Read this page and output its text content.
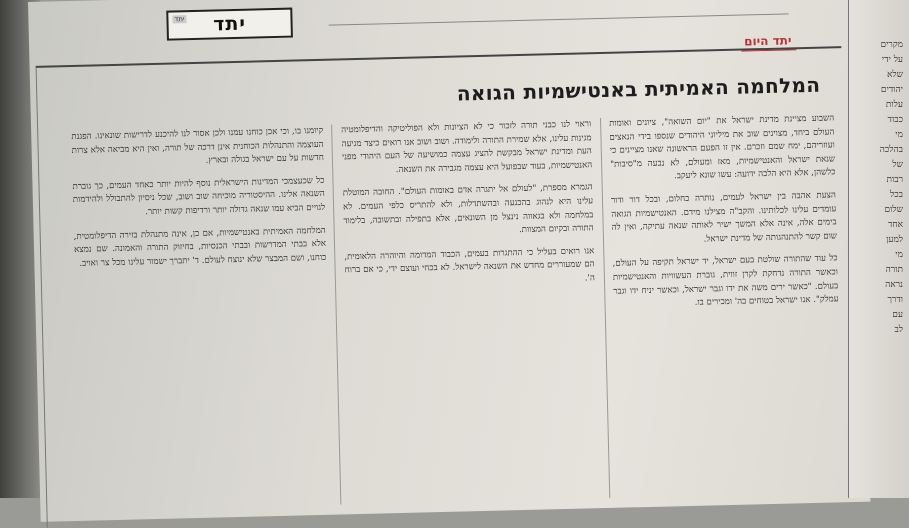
יתד יתד
יתד היום
המלחמה האמיתית באנטישמיות הגואה

השבוע מציינת מדינת ישראל את "יום השואה", ציונים ואומות העולם ביחד, מצוינים שוב את מיליוני היהודים שנספו בידי הנאצים ועוזריהם, ימח שמם וזכרם. אין זו הפעם הראשונה שאנו מציינים כי שנאת ישראל והאנטישמיות, מאז ומעולם, לא נבעה מ"סיבות" כלשהן, אלא היא הלכה ידועה: עשו שונא ליעקב.

הצעת אהבה בין ישראל לעמים, נותרה כחלום, ובכל דור ודור עומדים עלינו לכלותינו. והקב"ה מצילנו מידם. האנטישמיות הגואה בימים אלה, אינה אלא המשך ישיר לאותה שנאה עתיקה, ואין לה שום קשר להתנהגותה של מדינת ישראל.

כל עוד שהתורה שולטת בעם ישראל, יד ישראל תקיפה על העולם, וכאשר התורה נדחקת לקרן זווית, גוברת העשוויות והאנטישמיות בעולם. "כאשר ירים משה את ידו וגבר ישראל, וכאשר יניח ידו וגבר עמלק". אנו ישראל בטוחים בה' ומכירים בו.

וראוי לנו כבני תורה לזכור כי לא הציונות ולא הפוליטיקה והדיפלומטיה מגינות עלינו, אלא שמירת התורה ולימודה. ושוב ושוב אנו רואים כיצד מגיעה העת ומדינת ישראל מבקשת להציג עצמה כמושיעה של העם היהודי מפני האנטישמיות, בעוד שבפועל היא עצמה מגבירה את השנאה.

הגמרא מספרת, "לעולם אל יתגרה אדם באומות העולם". החובה המוטלת עלינו היא לנהוג בהכנעה ובהשתדלות, ולא להתריס כלפי העמים. לא במלחמה ולא בגאווה נינצל מן השונאים, אלא בתפילה ובתשובה, בלימוד התורה ובקיום המצוות.

אנו רואים בעליל כי ההתגרות בעמים, הכבוד המדומה והיוהרה הלאומית, הם שמעוררים מחדש את השנאה לישראל. לא בכחי ועוצם ידי, כי אם ברוח ה'.

קיומנו בו, וכי אכן כוחנו עמנו ולכן אסור לנו להיכנע לדרישות שונאינו. הפגנת העוצמה והתנהלות הכוחנית אינן דרכה של תורה, ואין היא מביאה אלא צרות חדשות על עם ישראל בגולה ובארץ.

כל שכעצמכי המדינות הישראלית נוסף להיות יותר כאחד העמים, כך גוברת השנאה אלינו. ההיסטוריה מוכיחה שוב ושוב, שכל ניסיון להתבולל ולהידמות לגויים הביא עמו שנאה גדולה יותר ורדיפות קשות יותר.

המלחמה האמיתית באנטישמיות, אם כן, אינה מתנהלת בזירה הדיפלומטית, אלא בבתי המדרשות ובבתי הכנסיות, בחיזוק התורה והאמונה. שם נמצא כוחנו, ושם המבצר שלא ינוצח לעולם. ד' יתברך ישמור עלינו מכל צר ואויב.

מקרים
על ידי
שלא
יהודים
עלות
כבוד
מי
בהלכה
של
רבות
בכל
שלום
אחד
למען
מי
תורה
נראה
ודרך
עם
לב
